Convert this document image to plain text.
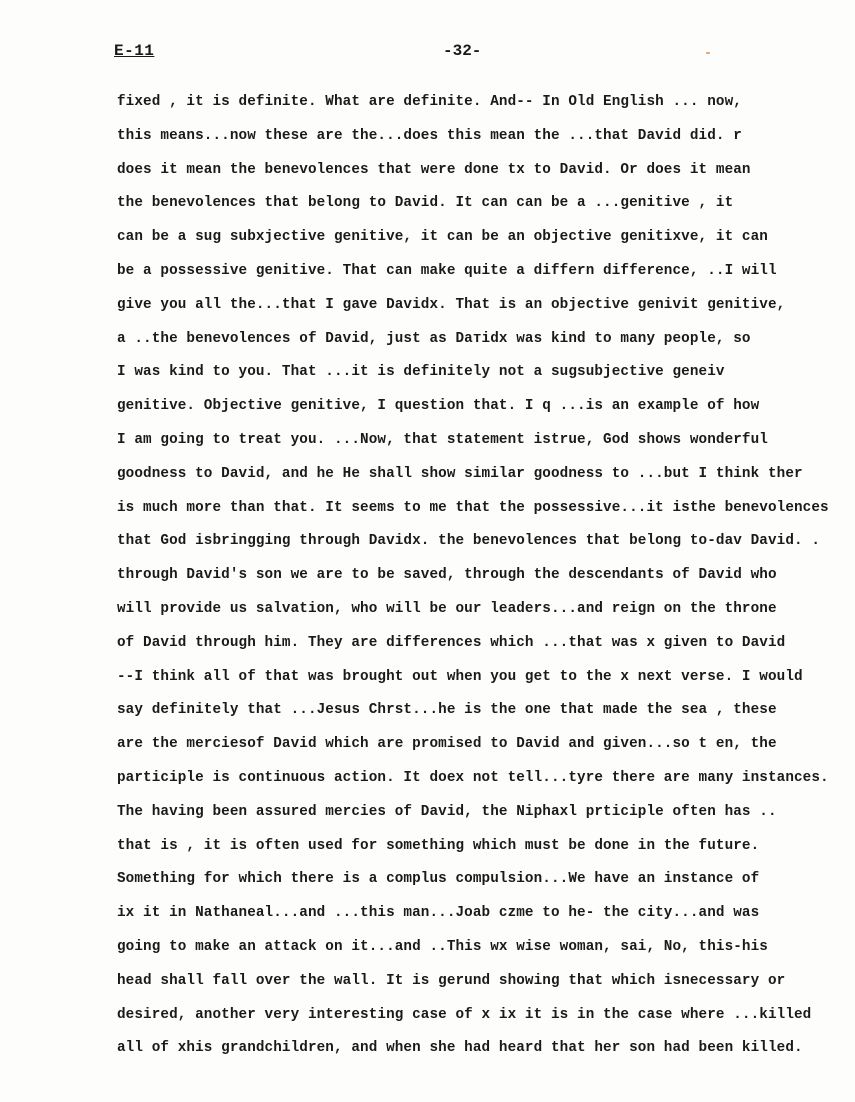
E-11	-32-
fixed , it is definite. What are definite. And-- In Old English ... now,
this means...now these are the...does this mean the ...that David did. r
does it mean the benevolences that were done tx to David. Or does it mean
the benevolences that belong to David. It can can be a ...genitive , it
can be a sug subxjective genitive, it can be an objective genitixve, it can
be a possessive genitive. That can make quite a differn difference, ..I will
give you all the...that I gave Davidx. That is an objective genivit genitive,
a ..the benevolences of David, just as Daтidx was kind to many people, so
I was kind to you. That ...it is definitely not a sugsubjective geneiv
genitive. Objective genitive, I question that. I q ...is an example of how
I am going to treat you. ...Now, that statement istrue, God shows wonderful
goodness to David, and he He shall show similar goodness to ...but I think ther
is much more than that. It seems to me that the possessive...it isthe benevolences
that God isbringging through Davidx. the benevolences that belong to-dav David. .
through David's son we are to be saved, through the descendants of David who
will provide us salvation, who will be our leaders...and reign on the throne
of David through him. They are differences which ...that was x given to David
--I think all of that was brought out when you get to the x next verse. I would
say definitely that ...Jesus Chrst...he is the one that made the sea , these
are the merciesof David which are promised to David and given...so t en, the
participle is continuous action. It doex not tell...tyre there are many instances.
The having been assured mercies of David, the Niphaxl prticiple often has ..
that is , it is often used for something which must be done in the future.
Something for which there is a complus compulsion...We have an instance of
ix it in Nathaneal...and ...this man...Joab czme to he- the city...and was
going to make an attack on it...and ..This wx wise woman, sai, No, this-his
head shall fall over the wall. It is gerund showing that which isnecessary or
desired, another very interesting case of x ix it is in the case where ...killed
all of xhis grandchildren, and when she had heard that her son had been killed.
